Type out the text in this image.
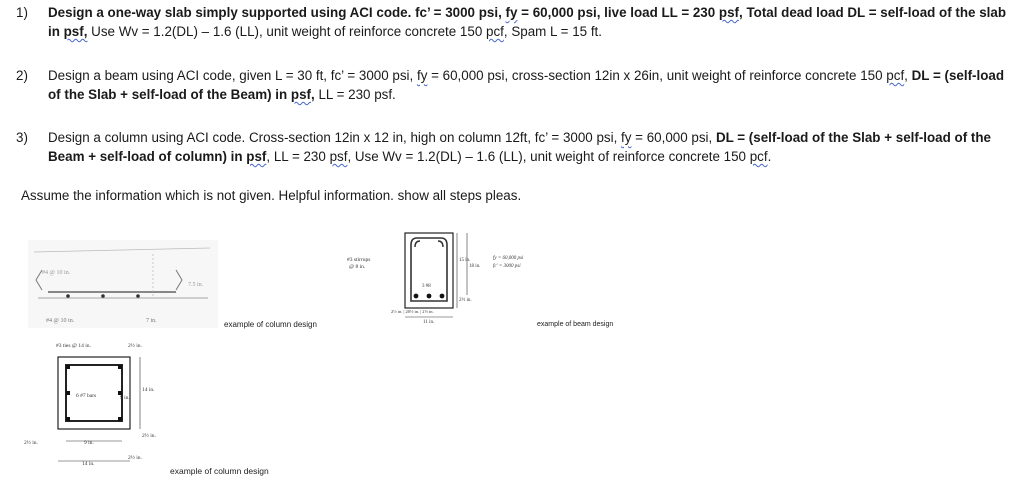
1)	Design a one-way slab simply supported using ACI code. fc’ = 3000 psi, fy = 60,000 psi, live load LL = 230 psf, Total dead load DL = self-load of the slab in psf, Use Wv = 1.2(DL) – 1.6 (LL), unit weight of reinforce concrete 150 pcf, Spam L = 15 ft.
2)	Design a beam using ACI code, given L = 30 ft, fc’ = 3000 psi, fy = 60,000 psi, cross-section 12in x 26in, unit weight of reinforce concrete 150 pcf, DL = (self-load of the Slab + self-load of the Beam) in psf, LL = 230 psf.
3)	Design a column using ACI code. Cross-section 12in x 12 in, high on column 12ft, fc’ = 3000 psi, fy = 60,000 psi, DL = (self-load of the Slab + self-load of the Beam + self-load of column) in psf, LL = 230 psf, Use Wv = 1.2(DL) – 1.6 (LL), unit weight of reinforce concrete 150 pcf.
Assume the information which is not given. Helpful information. show all steps pleas.
#4 @ 10 in.
#4 @ 10 in.
7.5 in.
7 in.	example of column design
#3 stirrups
@ 8 in.
3 #8
15 in.
18 in.
2½ in.
fy = 60,000 psi
fc' = 3000 psi
2½ in. | 20½ in. | 2½ in.
11 in.	example of beam design
#3 ties @ 14 in.	2½ in.
6 #7 bars
14 in.
9 in.
2½ in.
2½ in.	9 in.
2½ in.
14 in.
example of column design
